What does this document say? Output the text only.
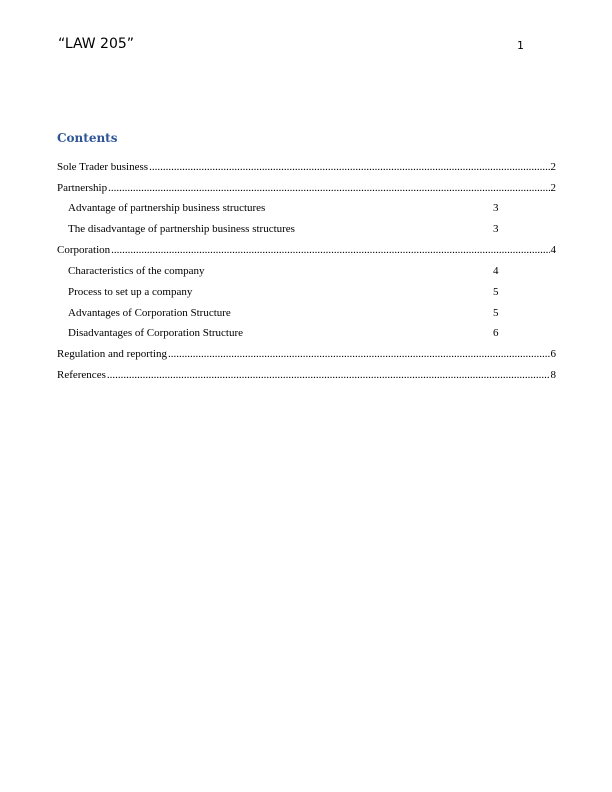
“LAW 205”	1
Contents
Sole Trader business .....	2
Partnership .....	2
Advantage of partnership business structures	3
The disadvantage of partnership business structures	3
Corporation .....	4
Characteristics of the company	4
Process to set up a company	5
Advantages of Corporation Structure	5
Disadvantages of Corporation Structure	6
Regulation and reporting .....	6
References .....	8
